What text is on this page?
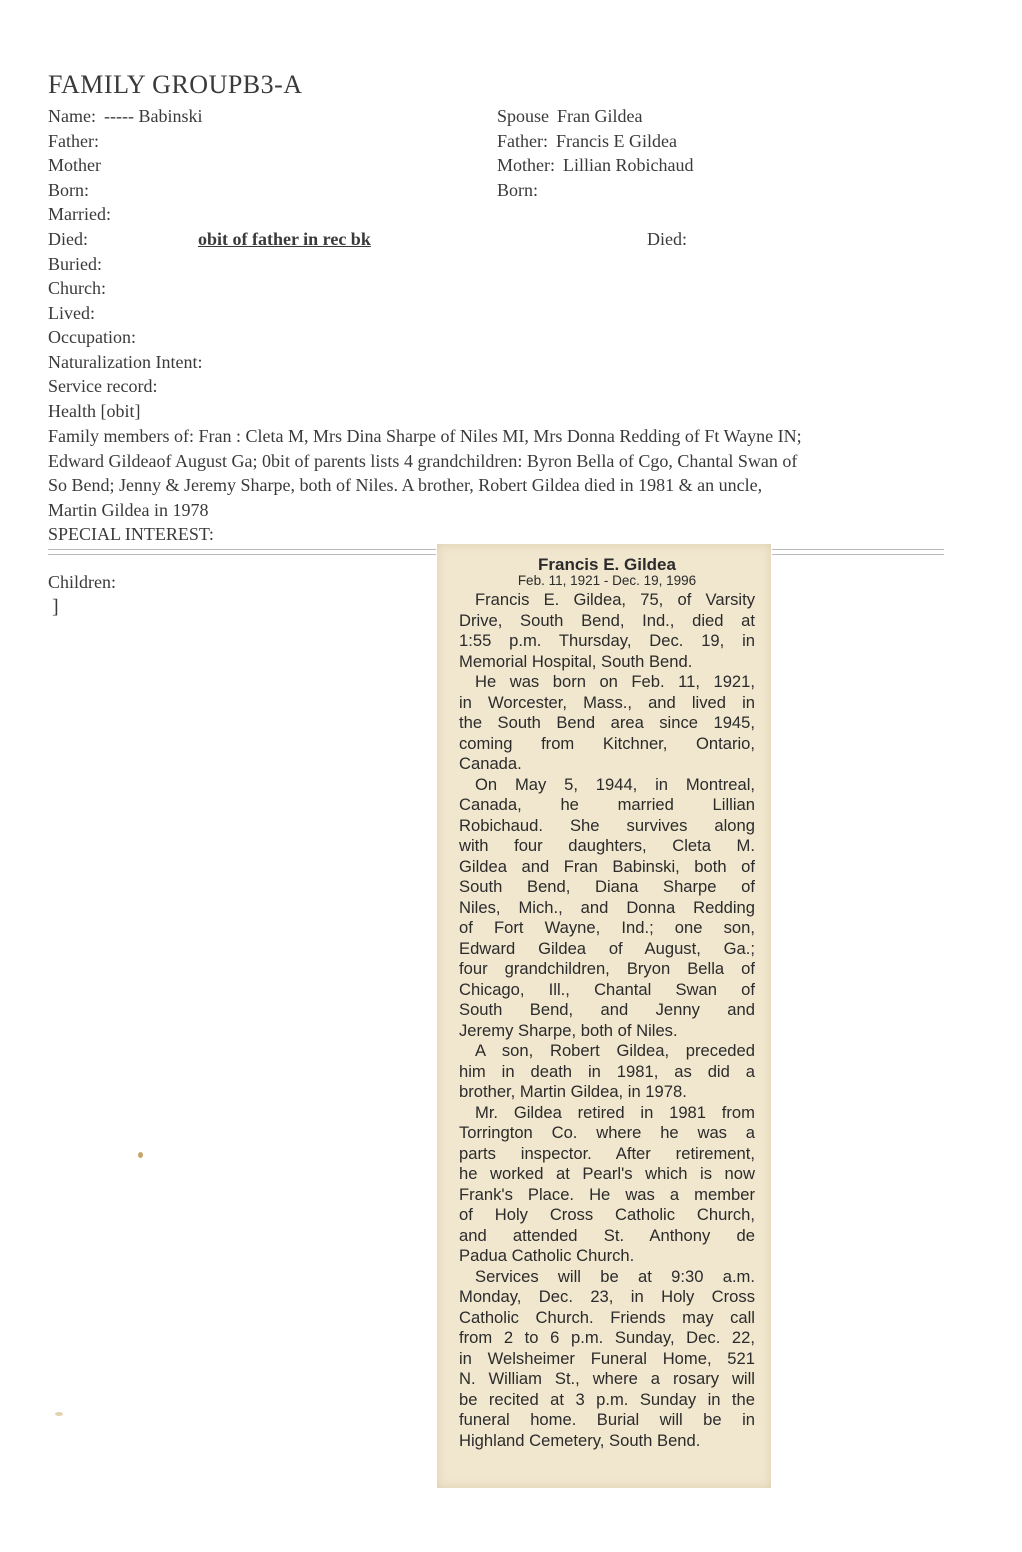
FAMILY GROUPB3-A
Name: ----- Babinski
Father:
Mother
Born:
Married:
Died:
Buried:
Church:
Lived:
Occupation:
Naturalization Intent:
Service record:
Health [obit]
obit of father in rec bk
Spouse Fran Gildea
Father: Francis E Gildea
Mother: Lillian Robichaud
Born:
Died:

Family members of: Fran : Cleta M, Mrs Dina Sharpe of Niles MI, Mrs Donna Redding of Ft Wayne IN;

Edward Gildeaof August Ga; 0bit of parents lists 4 grandchildren: Byron Bella of Cgo, Chantal Swan of

So Bend; Jenny & Jeremy Sharpe, both of Niles. A brother, Robert Gildea died in 1981 & an uncle,

Martin Gildea in 1978

SPECIAL INTEREST:

Children:
]
Francis E. Gildea
Feb. 11, 1921 - Dec. 19, 1996

Francis E. Gildea, 75, of Varsity
Drive, South Bend, Ind., died at
1:55 p.m. Thursday, Dec. 19, in
Memorial Hospital, South Bend.

He was born on Feb. 11, 1921,
in Worcester, Mass., and lived in
the South Bend area since 1945,
coming from Kitchner, Ontario,
Canada.

On May 5, 1944, in Montreal,
Canada, he married Lillian
Robichaud. She survives along
with four daughters, Cleta M.
Gildea and Fran Babinski, both of
South Bend, Diana Sharpe of
Niles, Mich., and Donna Redding
of Fort Wayne, Ind.; one son,
Edward Gildea of August, Ga.;
four grandchildren, Bryon Bella of
Chicago, Ill., Chantal Swan of
South Bend, and Jenny and
Jeremy Sharpe, both of Niles.

A son, Robert Gildea, preceded
him in death in 1981, as did a
brother, Martin Gildea, in 1978.

Mr. Gildea retired in 1981 from
Torrington Co. where he was a
parts inspector. After retirement,
he worked at Pearl's which is now
Frank's Place. He was a member
of Holy Cross Catholic Church,
and attended St. Anthony de
Padua Catholic Church.

Services will be at 9:30 a.m.
Monday, Dec. 23, in Holy Cross
Catholic Church. Friends may call
from 2 to 6 p.m. Sunday, Dec. 22,
in Welsheimer Funeral Home, 521
N. William St., where a rosary will
be recited at 3 p.m. Sunday in the
funeral home. Burial will be in
Highland Cemetery, South Bend.
